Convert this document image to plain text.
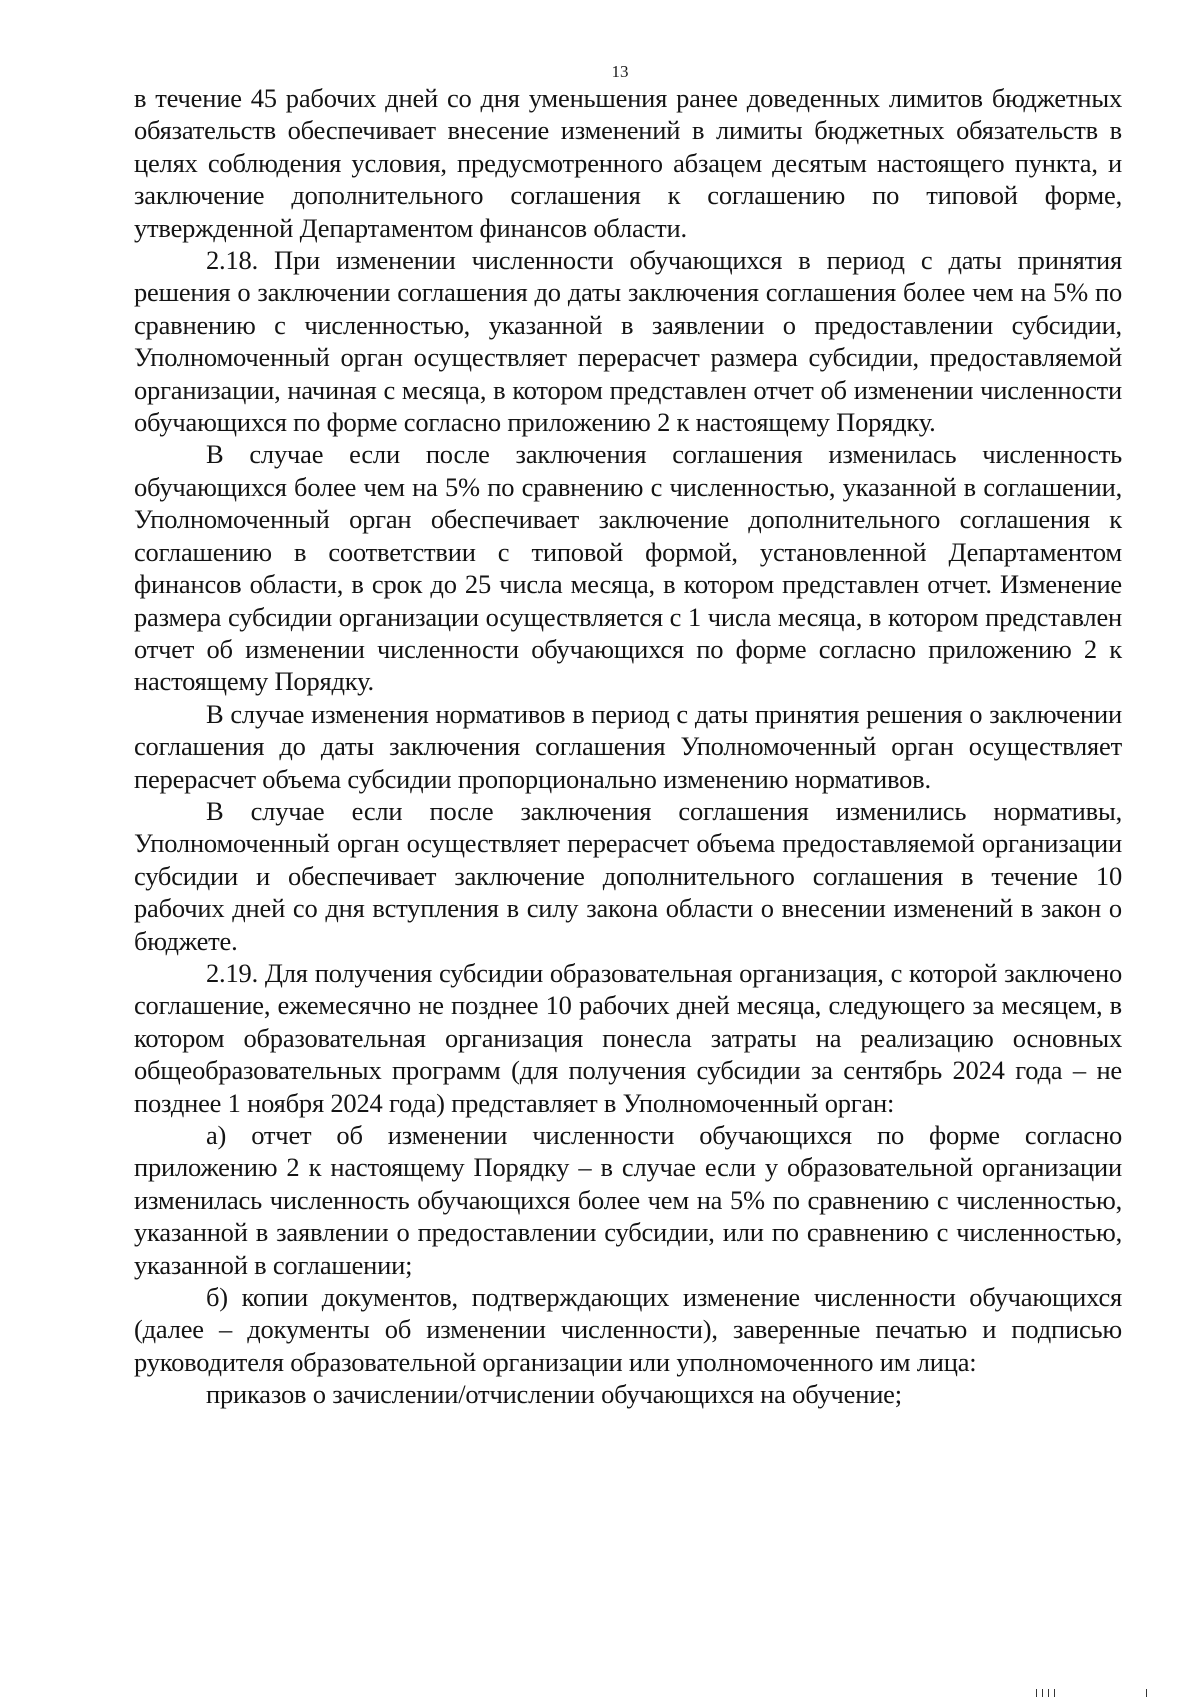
13

в течение 45 рабочих дней со дня уменьшения ранее доведенных лимитов бюджетных обязательств обеспечивает внесение изменений в лимиты бюджетных обязательств в целях соблюдения условия, предусмотренного абзацем десятым настоящего пункта, и заключение дополнительного соглашения к соглашению по типовой форме, утвержденной Департаментом финансов области.

2.18. При изменении численности обучающихся в период с даты принятия решения о заключении соглашения до даты заключения соглашения более чем на 5% по сравнению с численностью, указанной в заявлении о предоставлении субсидии, Уполномоченный орган осуществляет перерасчет размера субсидии, предоставляемой организации, начиная с месяца, в котором представлен отчет об изменении численности обучающихся по форме согласно приложению 2 к настоящему Порядку.

В случае если после заключения соглашения изменилась численность обучающихся более чем на 5% по сравнению с численностью, указанной в соглашении, Уполномоченный орган обеспечивает заключение дополнительного соглашения к соглашению в соответствии с типовой формой, установленной Департаментом финансов области, в срок до 25 числа месяца, в котором представлен отчет. Изменение размера субсидии организации осуществляется с 1 числа месяца, в котором представлен отчет об изменении численности обучающихся по форме согласно приложению 2 к настоящему Порядку.

В случае изменения нормативов в период с даты принятия решения о заключении соглашения до даты заключения соглашения Уполномоченный орган осуществляет перерасчет объема субсидии пропорционально изменению нормативов.

В случае если после заключения соглашения изменились нормативы, Уполномоченный орган осуществляет перерасчет объема предоставляемой организации субсидии и обеспечивает заключение дополнительного соглашения в течение 10 рабочих дней со дня вступления в силу закона области о внесении изменений в закон о бюджете.

2.19. Для получения субсидии образовательная организация, с которой заключено соглашение, ежемесячно не позднее 10 рабочих дней месяца, следующего за месяцем, в котором образовательная организация понесла затраты на реализацию основных общеобразовательных программ (для получения субсидии за сентябрь 2024 года – не позднее 1 ноября 2024 года) представляет в Уполномоченный орган:

а) отчет об изменении численности обучающихся по форме согласно приложению 2 к настоящему Порядку – в случае если у образовательной организации изменилась численность обучающихся более чем на 5% по сравнению с численностью, указанной в заявлении о предоставлении субсидии, или по сравнению с численностью, указанной в соглашении;

б) копии документов, подтверждающих изменение численности обучающихся (далее – документы об изменении численности), заверенные печатью и подписью руководителя образовательной организации или уполномоченного им лица:

приказов о зачислении/отчислении обучающихся на обучение;
